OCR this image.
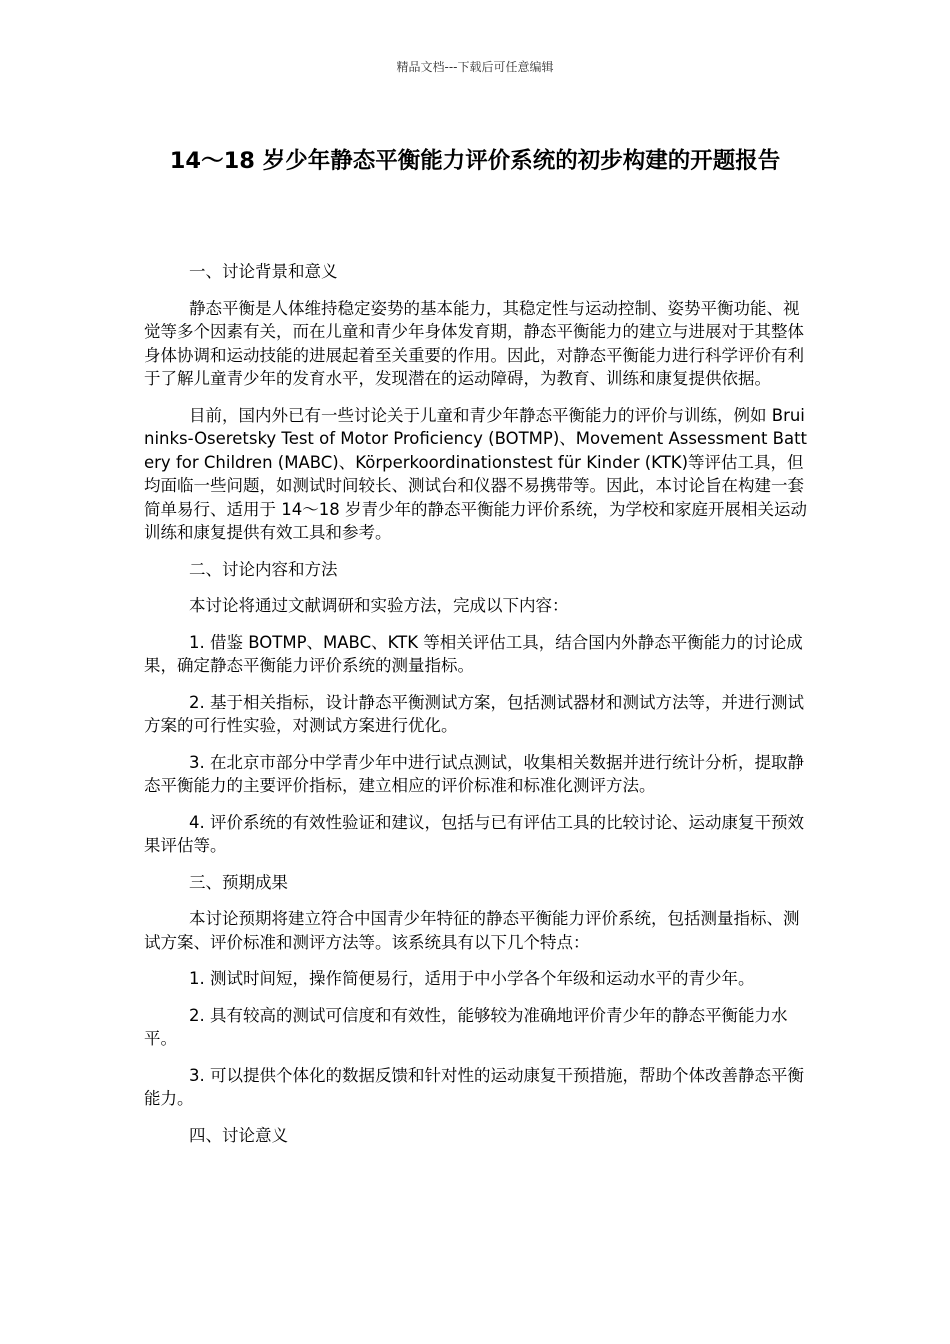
精品文档---下载后可任意编辑
14～18 岁少年静态平衡能力评价系统的初步构建的开题报告

一、讨论背景和意义

静态平衡是人体维持稳定姿势的基本能力，其稳定性与运动控制、姿势平衡功能、视觉等多个因素有关，而在儿童和青少年身体发育期，静态平衡能力的建立与进展对于其整体身体协调和运动技能的进展起着至关重要的作用。因此，对静态平衡能力进行科学评价有利于了解儿童青少年的发育水平，发现潜在的运动障碍，为教育、训练和康复提供依据。

目前，国内外已有一些讨论关于儿童和青少年静态平衡能力的评价与训练，例如 Bruininks-Oseretsky Test of Motor Proficiency (BOTMP)、Movement Assessment Battery for Children (MABC)、Körperkoordinationstest für Kinder (KTK)等评估工具，但均面临一些问题，如测试时间较长、测试台和仪器不易携带等。因此，本讨论旨在构建一套简单易行、适用于 14～18 岁青少年的静态平衡能力评价系统，为学校和家庭开展相关运动训练和康复提供有效工具和参考。

二、讨论内容和方法

本讨论将通过文献调研和实验方法，完成以下内容：

1. 借鉴 BOTMP、MABC、KTK 等相关评估工具，结合国内外静态平衡能力的讨论成果，确定静态平衡能力评价系统的测量指标。

2. 基于相关指标，设计静态平衡测试方案，包括测试器材和测试方法等，并进行测试方案的可行性实验，对测试方案进行优化。

3. 在北京市部分中学青少年中进行试点测试，收集相关数据并进行统计分析，提取静态平衡能力的主要评价指标，建立相应的评价标准和标准化测评方法。

4. 评价系统的有效性验证和建议，包括与已有评估工具的比较讨论、运动康复干预效果评估等。

三、预期成果

本讨论预期将建立符合中国青少年特征的静态平衡能力评价系统，包括测量指标、测试方案、评价标准和测评方法等。该系统具有以下几个特点：

1. 测试时间短，操作简便易行，适用于中小学各个年级和运动水平的青少年。

2. 具有较高的测试可信度和有效性，能够较为准确地评价青少年的静态平衡能力水平。

3. 可以提供个体化的数据反馈和针对性的运动康复干预措施，帮助个体改善静态平衡能力。

四、讨论意义
